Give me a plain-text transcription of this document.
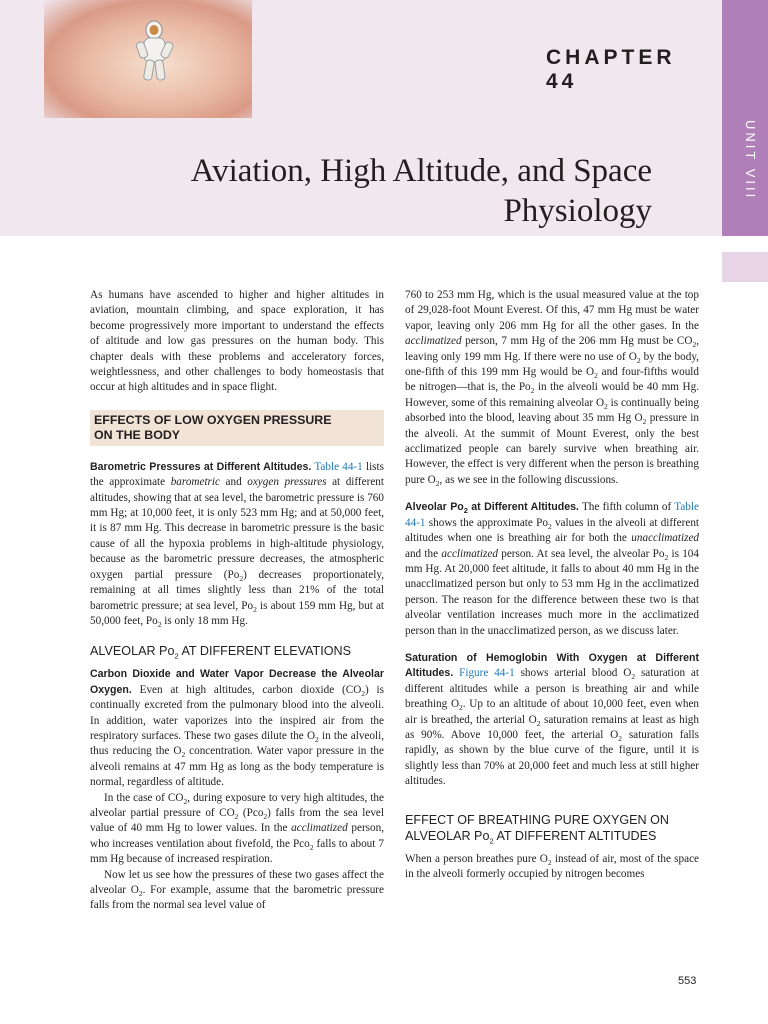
CHAPTER 44
Aviation, High Altitude, and Space
Physiology
UNIT VIII

As humans have ascended to higher and higher altitudes in aviation, mountain climbing, and space exploration, it has become progressively more important to understand the effects of altitude and low gas pressures on the human body. This chapter deals with these problems and acceleratory forces, weightlessness, and other challenges to body homeostasis that occur at high altitudes and in space flight.

EFFECTS OF LOW OXYGEN PRESSURE
ON THE BODY

Barometric Pressures at Different Altitudes. Table 44-1 lists the approximate barometric and oxygen pressures at different altitudes, showing that at sea level, the barometric pressure is 760 mm Hg; at 10,000 feet, it is only 523 mm Hg; and at 50,000 feet, it is 87 mm Hg. This decrease in barometric pressure is the basic cause of all the hypoxia problems in high-altitude physiology, because as the barometric pressure decreases, the atmospheric oxygen partial pressure $(Po_2)$ decreases proportionately, remaining at all times slightly less than 21% of the total barometric pressure; at sea level, $Po_2$ is about 159 mm Hg, but at 50,000 feet, $Po_2$ is only 18 mm Hg.

ALVEOLAR $Po_2$ AT DIFFERENT ELEVATIONS

Carbon Dioxide and Water Vapor Decrease the Alveolar Oxygen. Even at high altitudes, carbon dioxide $(CO_2)$ is continually excreted from the pulmonary blood into the alveoli. In addition, water vaporizes into the inspired air from the respiratory surfaces. These two gases dilute the $O_2$ in the alveoli, thus reducing the $O_2$ concentration. Water vapor pressure in the alveoli remains at 47 mm Hg as long as the body temperature is normal, regardless of altitude.

In the case of $CO_2$, during exposure to very high altitudes, the alveolar partial pressure of $CO_2$ (Pco$_2$) falls from the sea level value of 40 mm Hg to lower values. In the acclimatized person, who increases ventilation about fivefold, the Pco$_2$ falls to about 7 mm Hg because of increased respiration.

Now let us see how the pressures of these two gases affect the alveolar $O_2$. For example, assume that the barometric pressure falls from the normal sea level value of

760 to 253 mm Hg, which is the usual measured value at the top of 29,028-foot Mount Everest. Of this, 47 mm Hg must be water vapor, leaving only 206 mm Hg for all the other gases. In the acclimatized person, 7 mm Hg of the 206 mm Hg must be $CO_2$, leaving only 199 mm Hg. If there were no use of $O_2$ by the body, one-fifth of this 199 mm Hg would be $O_2$ and four-fifths would be nitrogen—that is, the $Po_2$ in the alveoli would be 40 mm Hg. However, some of this remaining alveolar $O_2$ is continually being absorbed into the blood, leaving about 35 mm Hg $O_2$ pressure in the alveoli. At the summit of Mount Everest, only the best acclimatized people can barely survive when breathing air. However, the effect is very different when the person is breathing pure $O_2$, as we see in the following discussions.

Alveolar $Po_2$ at Different Altitudes. The fifth column of Table 44-1 shows the approximate $Po_2$ values in the alveoli at different altitudes when one is breathing air for both the unacclimatized and the acclimatized person. At sea level, the alveolar $Po_2$ is 104 mm Hg. At 20,000 feet altitude, it falls to about 40 mm Hg in the unacclimatized person but only to 53 mm Hg in the acclimatized person. The reason for the difference between these two is that alveolar ventilation increases much more in the acclimatized person than in the unacclimatized person, as we discuss later.

Saturation of Hemoglobin With Oxygen at Different Altitudes. Figure 44-1 shows arterial blood $O_2$ saturation at different altitudes while a person is breathing air and while breathing $O_2$. Up to an altitude of about 10,000 feet, even when air is breathed, the arterial $O_2$ saturation remains at least as high as 90%. Above 10,000 feet, the arterial $O_2$ saturation falls rapidly, as shown by the blue curve of the figure, until it is slightly less than 70% at 20,000 feet and much less at still higher altitudes.

EFFECT OF BREATHING PURE OXYGEN ON
ALVEOLAR $Po_2$ AT DIFFERENT ALTITUDES

When a person breathes pure $O_2$ instead of air, most of the space in the alveoli formerly occupied by nitrogen becomes

553
